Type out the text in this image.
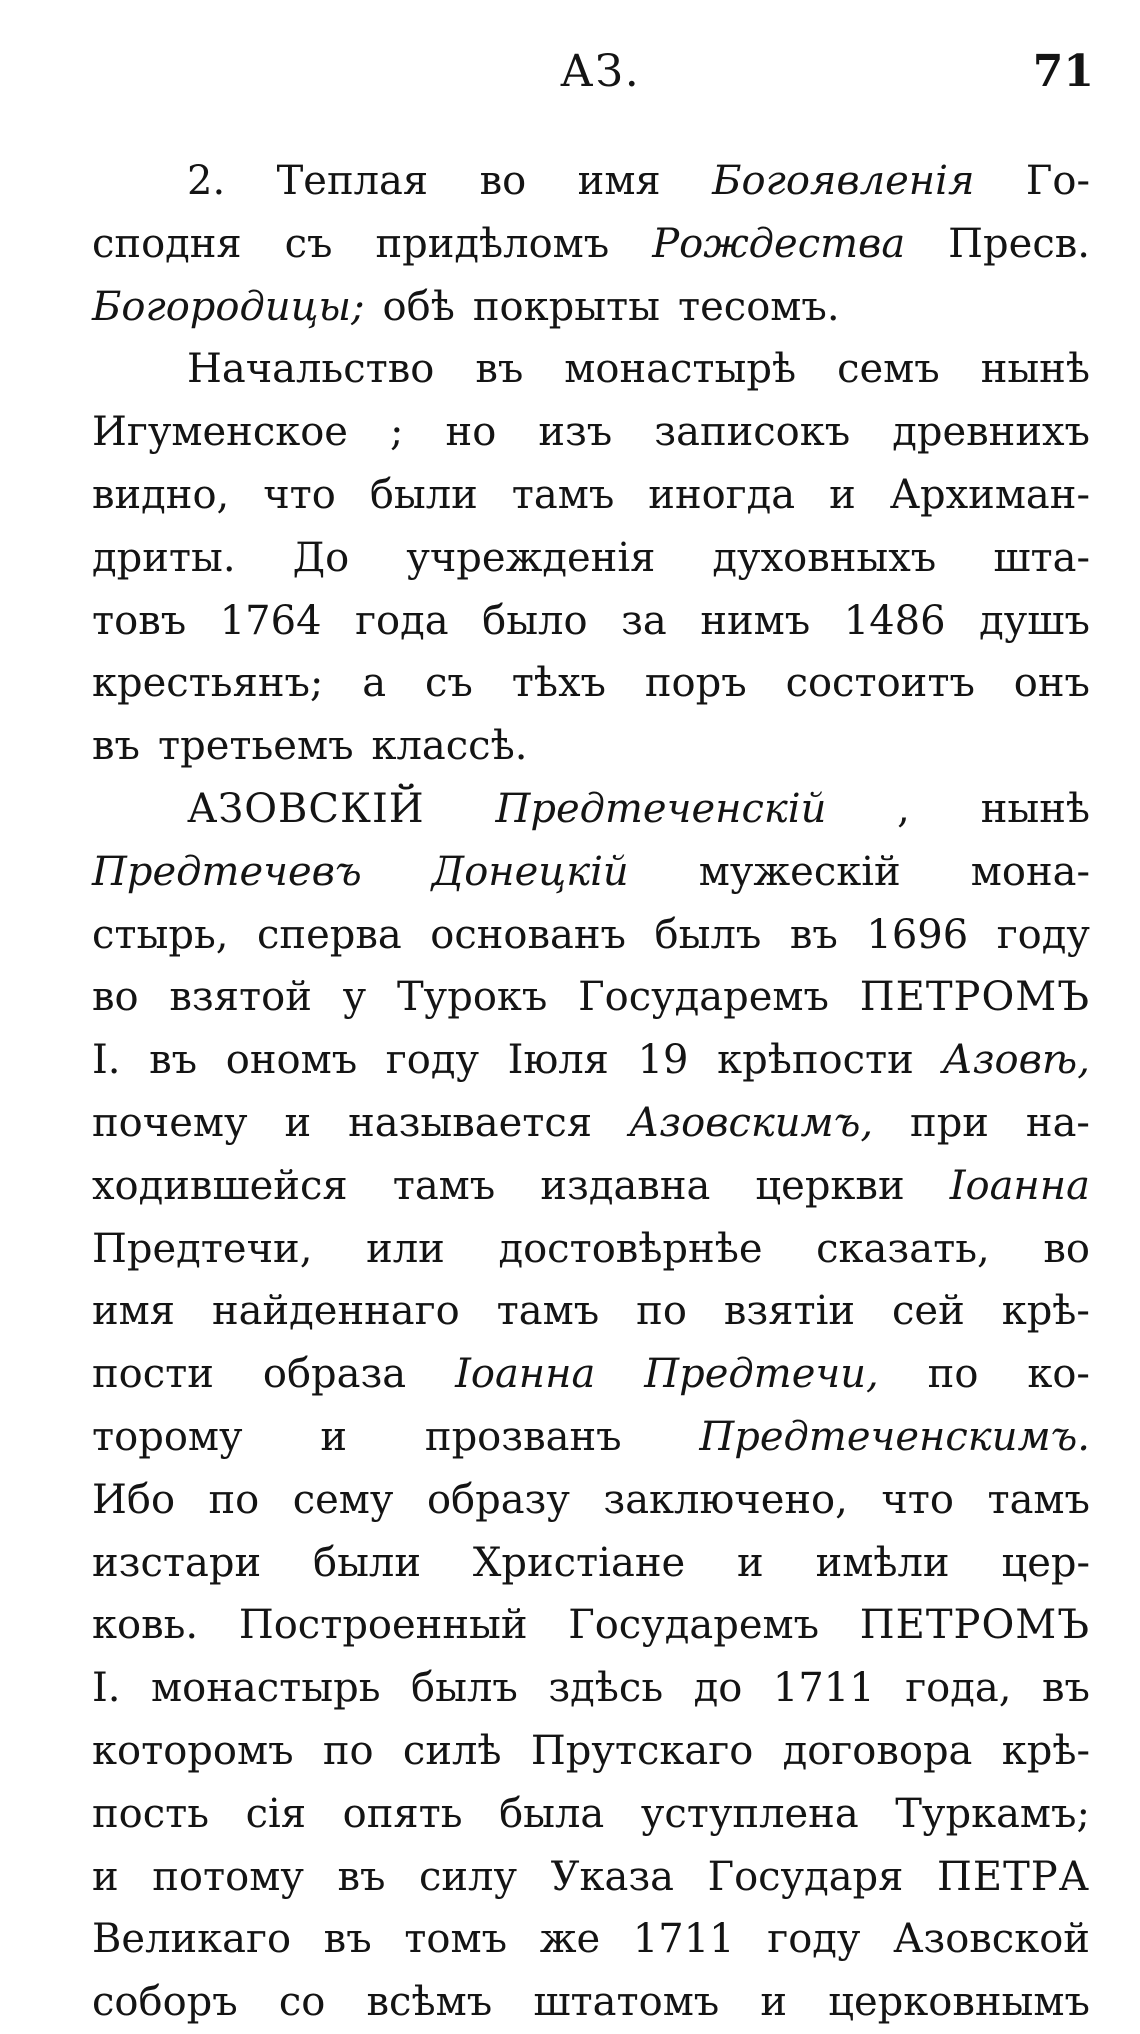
АЗ.	71
2. Теплая во имя Богоявленія Го-
сподня съ придѣломъ Рождества Пресв.
Богородицы; обѣ покрыты тесомъ.
Начальство въ монастырѣ семъ нынѣ
Игуменское ; но изъ записокъ древнихъ
видно, что были тамъ иногда и Архиман-
дриты. До учрежденія духовныхъ шта-
товъ 1764 года было за нимъ 1486 душъ
крестьянъ; а съ тѣхъ поръ состоитъ онъ
въ третьемъ классѣ.
АЗОВСКІЙ Предтеченскій , нынѣ
Предтечевъ Донецкій мужескій мона-
стырь, сперва основанъ былъ въ 1696 году
во взятой у Турокъ Государемъ ПЕТРОМЪ
I. въ ономъ году Іюля 19 крѣпости Азовѣ,
почему и называется Азовскимъ, при на-
ходившейся тамъ издавна церкви Іоанна
Предтечи, или достовѣрнѣе сказать, во
имя найденнаго тамъ по взятіи сей крѣ-
пости образа Іоанна Предтечи, по ко-
торому и прозванъ Предтеченскимъ.
Ибо по сему образу заключено, что тамъ
изстари были Христіане и имѣли цер-
ковь. Построенный Государемъ ПЕТРОМЪ
I. монастырь былъ здѣсь до 1711 года, въ
которомъ по силѣ Прутскаго договора крѣ-
пость сія опять была уступлена Туркамъ;
и потому въ силу Указа Государя ПЕТРА
Великаго въ томъ же 1711 году Азовской
соборъ со всѣмъ штатомъ и церковнымъ
